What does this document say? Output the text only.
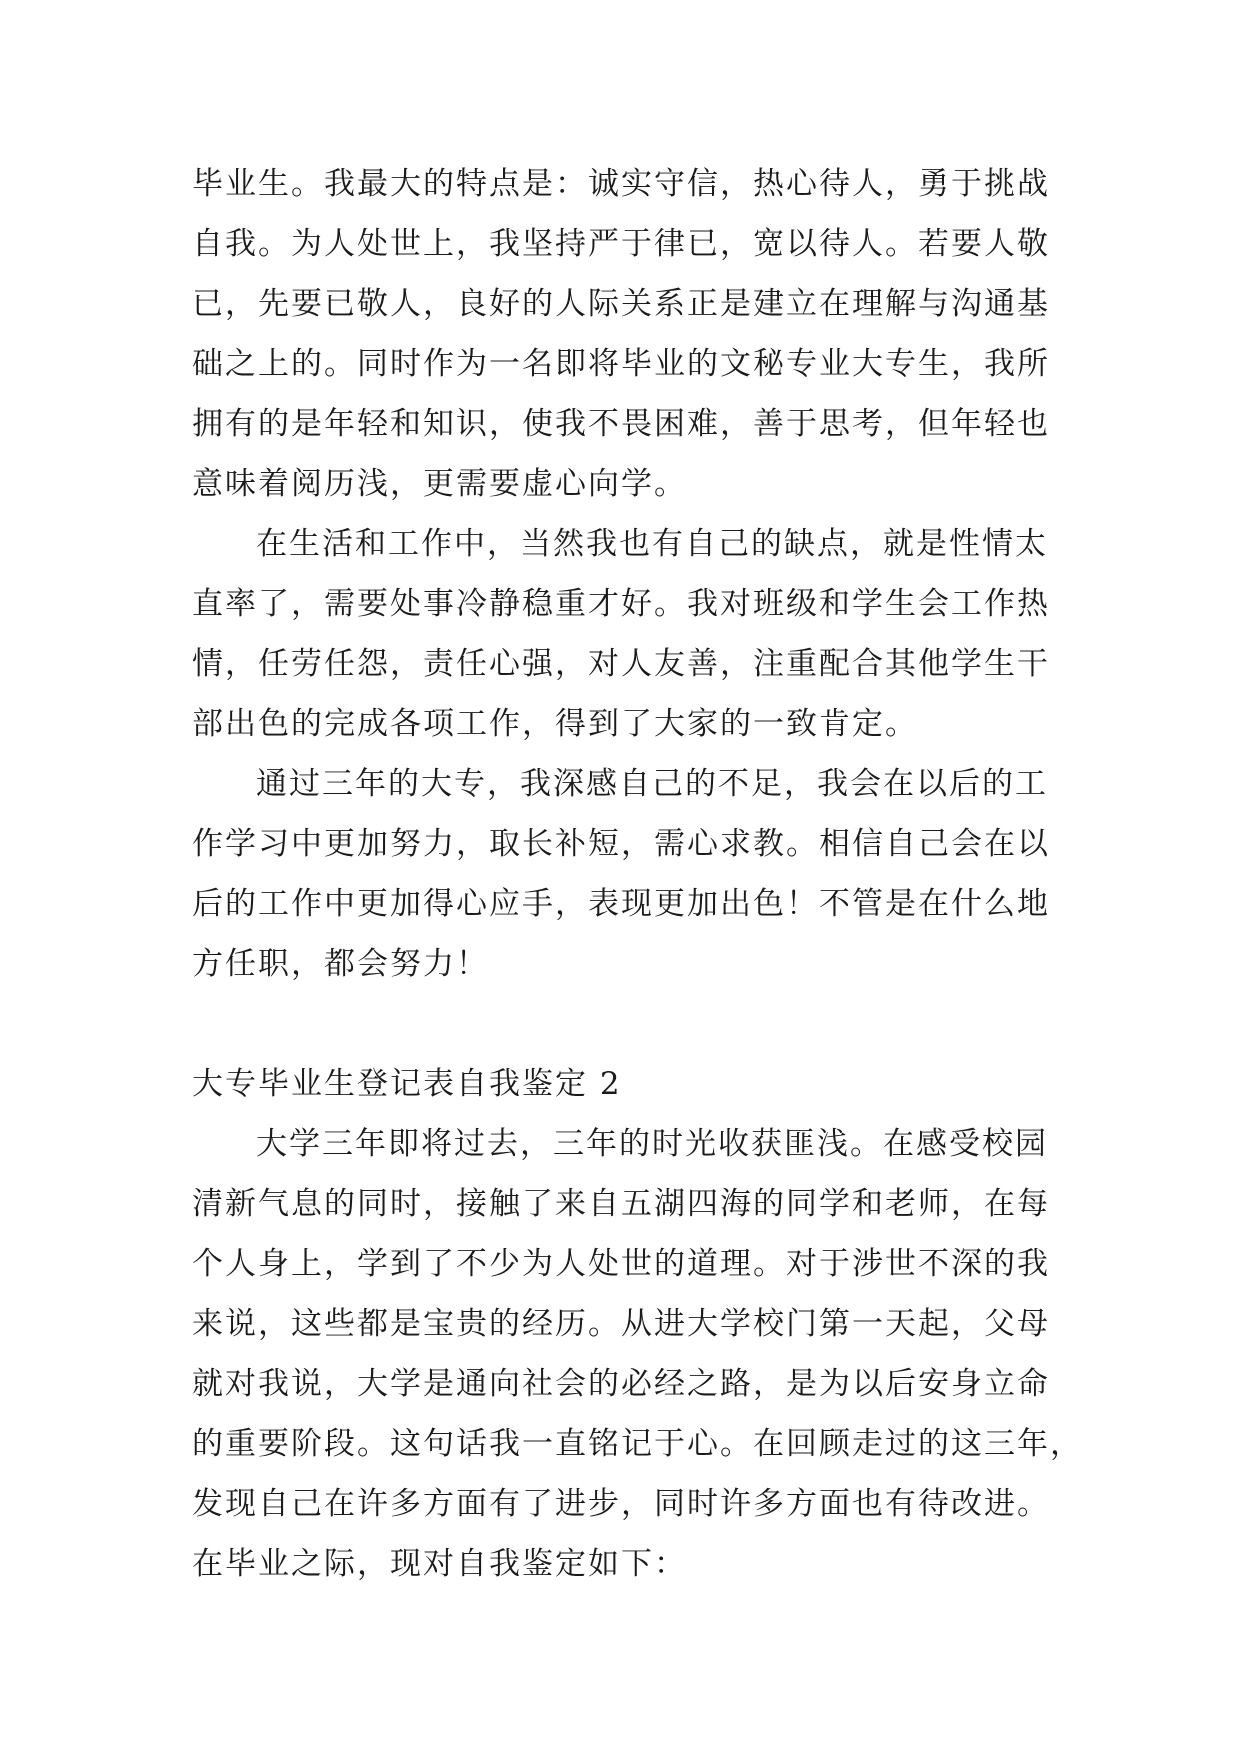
毕业生。我最大的特点是：诚实守信，热心待人，勇于挑战
自我。为人处世上，我坚持严于律已，宽以待人。若要人敬
已，先要已敬人，良好的人际关系正是建立在理解与沟通基
础之上的。同时作为一名即将毕业的文秘专业大专生，我所
拥有的是年轻和知识，使我不畏困难，善于思考，但年轻也
意味着阅历浅，更需要虚心向学。
在生活和工作中，当然我也有自己的缺点，就是性情太
直率了，需要处事冷静稳重才好。我对班级和学生会工作热
情，任劳任怨，责任心强，对人友善，注重配合其他学生干
部出色的完成各项工作，得到了大家的一致肯定。
通过三年的大专，我深感自己的不足，我会在以后的工
作学习中更加努力，取长补短，需心求教。相信自己会在以
后的工作中更加得心应手，表现更加出色！不管是在什么地
方任职，都会努力！
大专毕业生登记表自我鉴定 2
大学三年即将过去，三年的时光收获匪浅。在感受校园
清新气息的同时，接触了来自五湖四海的同学和老师，在每
个人身上，学到了不少为人处世的道理。对于涉世不深的我
来说，这些都是宝贵的经历。从进大学校门第一天起，父母
就对我说，大学是通向社会的必经之路，是为以后安身立命
的重要阶段。这句话我一直铭记于心。在回顾走过的这三年，
发现自己在许多方面有了进步，同时许多方面也有待改进。
在毕业之际，现对自我鉴定如下：
